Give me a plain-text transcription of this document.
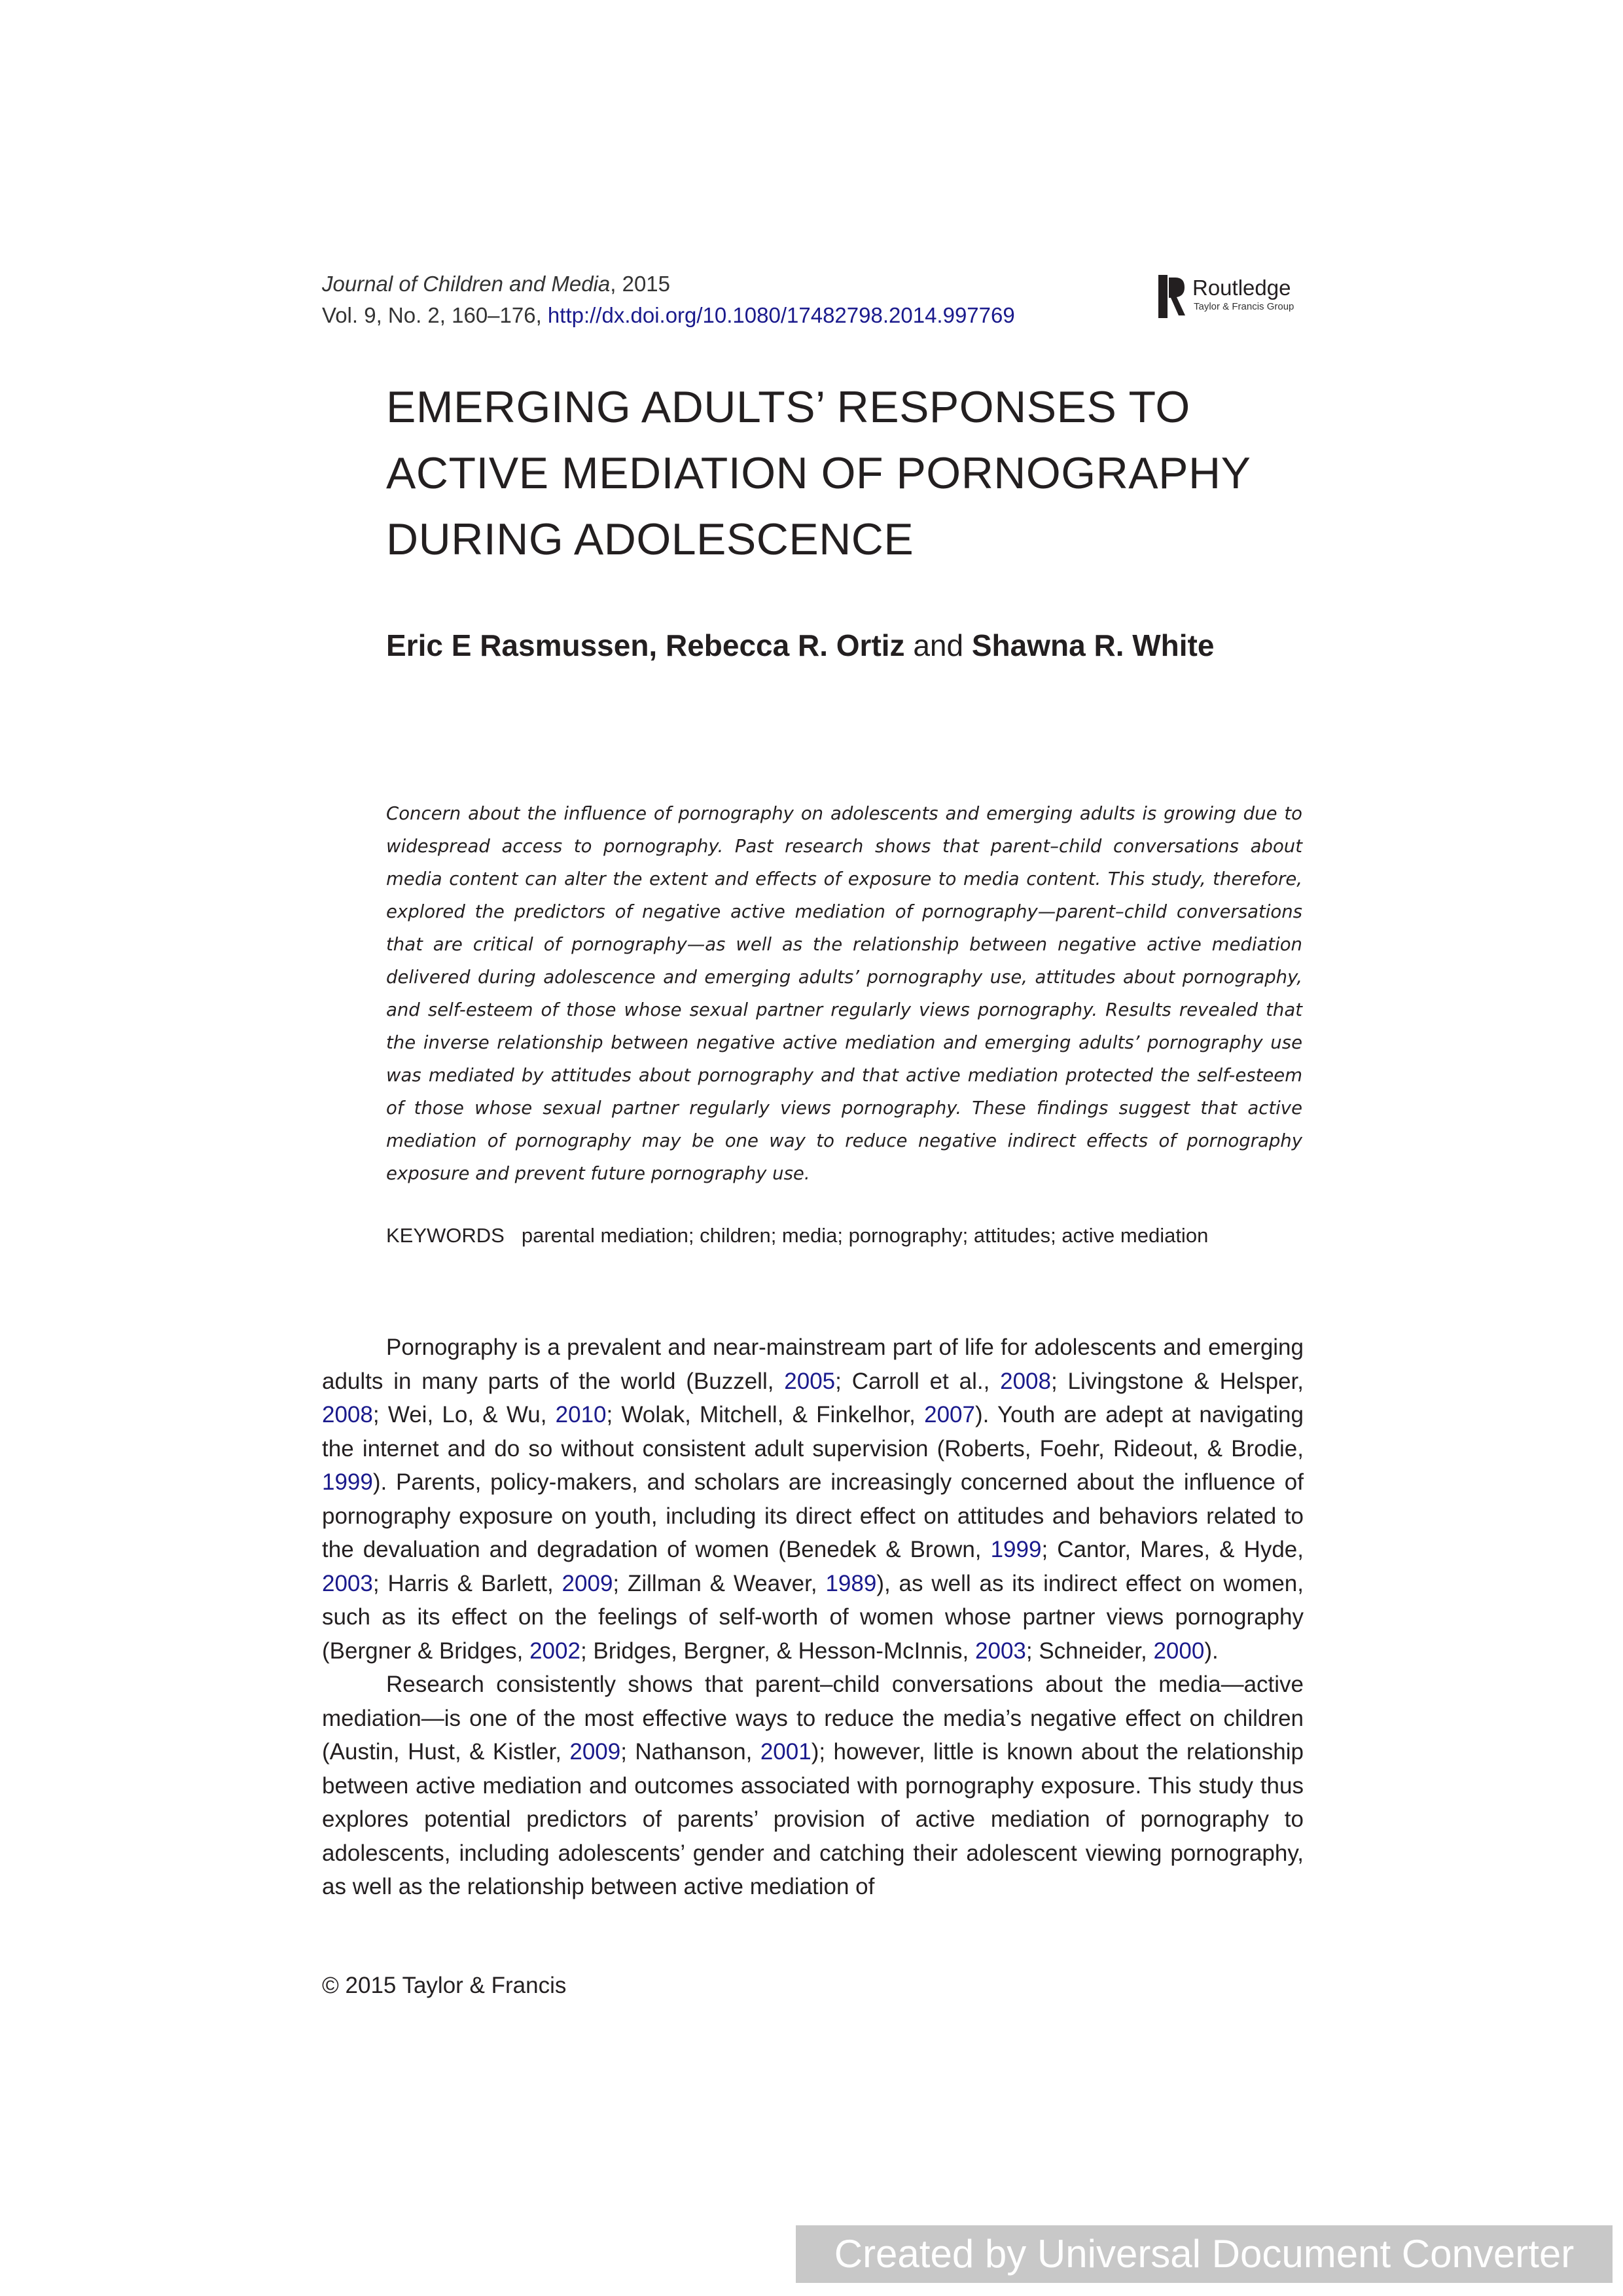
Journal of Children and Media, 2015
Vol. 9, No. 2, 160–176, http://dx.doi.org/10.1080/17482798.2014.997769
Routledge
Taylor & Francis Group
EMERGING ADULTS’ RESPONSES TO
ACTIVE MEDIATION OF PORNOGRAPHY
DURING ADOLESCENCE
Eric E Rasmussen, Rebecca R. Ortiz and Shawna R. White

Concern about the influence of pornography on adolescents and emerging adults is growing due to widespread access to pornography. Past research shows that parent–child conversations about media content can alter the extent and effects of exposure to media content. This study, therefore, explored the predictors of negative active mediation of pornography—parent–child conversations that are critical of pornography—as well as the relationship between negative active mediation delivered during adolescence and emerging adults’ pornography use, attitudes about pornography, and self-esteem of those whose sexual partner regularly views pornography. Results revealed that the inverse relationship between negative active mediation and emerging adults’ pornography use was mediated by attitudes about pornography and that active mediation protected the self-esteem of those whose sexual partner regularly views pornography. These findings suggest that active mediation of pornography may be one way to reduce negative indirect effects of pornography exposure and prevent future pornography use.

KEYWORDS parental mediation; children; media; pornography; attitudes; active mediation

Pornography is a prevalent and near-mainstream part of life for adolescents and emerging adults in many parts of the world (Buzzell, 2005; Carroll et al., 2008; Livingstone & Helsper, 2008; Wei, Lo, & Wu, 2010; Wolak, Mitchell, & Finkelhor, 2007). Youth are adept at navigating the internet and do so without consistent adult supervision (Roberts, Foehr, Rideout, & Brodie, 1999). Parents, policy-makers, and scholars are increasingly concerned about the influence of pornography exposure on youth, including its direct effect on attitudes and behaviors related to the devaluation and degradation of women (Benedek & Brown, 1999; Cantor, Mares, & Hyde, 2003; Harris & Barlett, 2009; Zillman & Weaver, 1989), as well as its indirect effect on women, such as its effect on the feelings of self-worth of women whose partner views pornography (Bergner & Bridges, 2002; Bridges, Bergner, & Hesson-McInnis, 2003; Schneider, 2000).

Research consistently shows that parent–child conversations about the media—active mediation—is one of the most effective ways to reduce the media’s negative effect on children (Austin, Hust, & Kistler, 2009; Nathanson, 2001); however, little is known about the relationship between active mediation and outcomes associated with pornography exposure. This study thus explores potential predictors of parents’ provision of active mediation of pornography to adolescents, including adolescents’ gender and catching their adolescent viewing pornography, as well as the relationship between active mediation of

© 2015 Taylor & Francis
Created by Universal Document Converter
